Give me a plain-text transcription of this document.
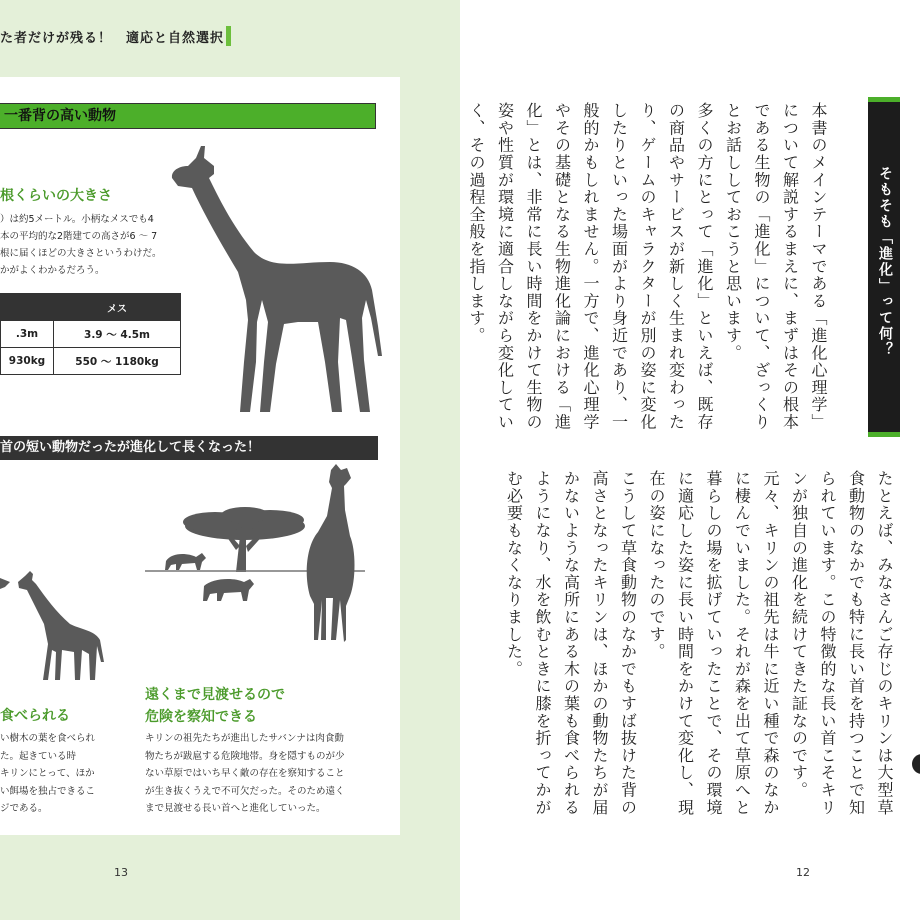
た者だけが残る！ 適応と自然選択
一番背の高い動物
根くらいの大きさ
）は約5メートル。小柄なメスでも4
本の平均的な2階建ての高さが6 ～ 7
根に届くほどの大きさというわけだ。
かがよくわかるだろう。
	メス
.3m	3.9 ～ 4.5m
930kg	550 ～ 1180kg
首の短い動物だったが進化して長くなった！
食べられる
い樹木の葉を食べられ
た。起きている時
キリンにとって、ほか
い餌場を独占できるこ
ジである。
遠くまで見渡せるので
危険を察知できる
キリンの祖先たちが進出したサバンナは肉食動
物たちが跋扈する危険地帯。身を隠すものが少
ない草原ではいち早く敵の存在を察知すること
が生き抜くうえで不可欠だった。そのため遠く
まで見渡せる長い首へと進化していった。
13
そもそも「進化」って何？

本書のメインテーマである「進化心理学」について解説するまえに、まずはその根本である生物の「進化」について、ざっくりとお話ししておこうと思います。

多くの方にとって「進化」といえば、既存の商品やサービスが新しく生まれ変わったり、ゲームのキャラクターが別の姿に変化したりといった場面がより身近であり、一般的かもしれません。一方で、進化心理学やその基礎となる生物進化論における「進化」とは、非常に長い時間をかけて生物の姿や性質が環境に適合しながら変化していく、その過程全般を指します。

たとえば、みなさんご存じのキリンは大型草食動物のなかでも特に長い首を持つことで知られています。この特徴的な長い首こそキリンが独自の進化を続けてきた証なのです。

元々、キリンの祖先は牛に近い種で森のなかに棲んでいました。それが森を出て草原へと暮らしの場を拡げていったことで、その環境に適応した姿に長い時間をかけて変化し、現在の姿になったのです。

こうして草食動物のなかでもすば抜けた背の高さとなったキリンは、ほかの動物たちが届かないような高所にある木の葉も食べられるようになり、水を飲むときに膝を折ってかがむ必要もなくなりました。

12
